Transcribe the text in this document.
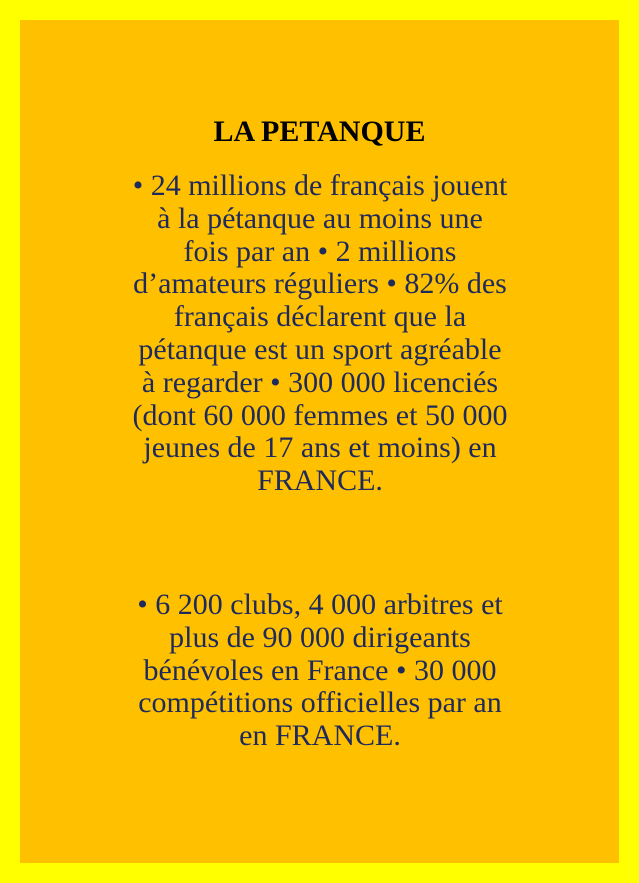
LA PETANQUE
• 24 millions de français jouent
à la pétanque au moins une
fois par an • 2 millions
d’amateurs réguliers • 82% des
français déclarent que la
pétanque est un sport agréable
à regarder • 300 000 licenciés
(dont 60 000 femmes et 50 000
jeunes de 17 ans et moins) en
FRANCE.
• 6 200 clubs, 4 000 arbitres et
plus de 90 000 dirigeants
bénévoles en France • 30 000
compétitions officielles par an
en FRANCE.
